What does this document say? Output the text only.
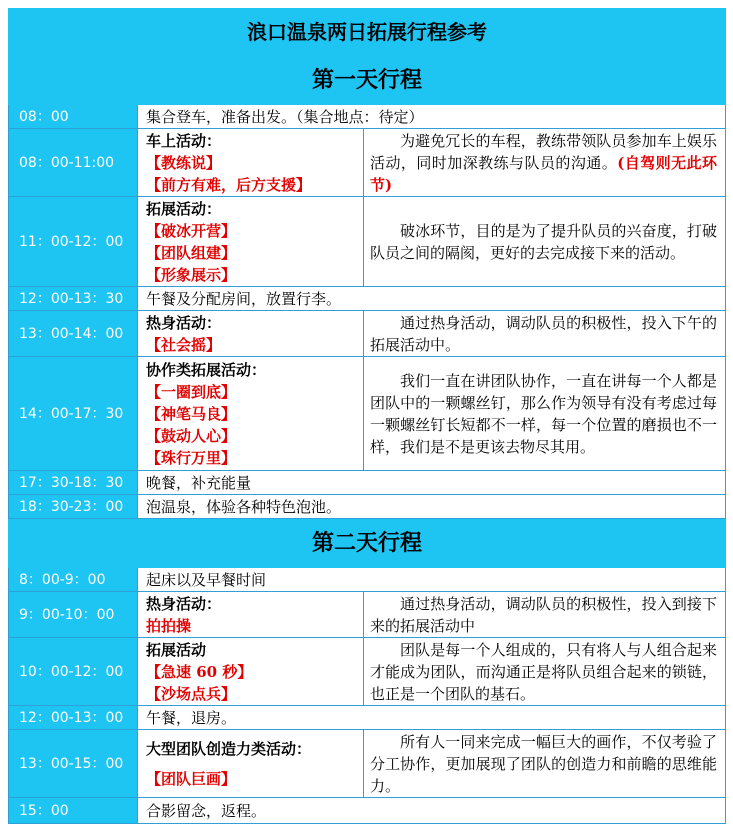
浪口温泉两日拓展行程参考		
第一天行程		
08：00	集合登车，准备出发。（集合地点：待定）	
08：00-11:00	车上活动：
【教练说】
【前方有难，后方支援】	为避免冗长的车程，教练带领队员参加车上娱乐活动，同时加深教练与队员的沟通。(自驾则无此环节)
11：00-12：00	拓展活动：
【破冰开营】
【团队组建】
【形象展示】	破冰环节，目的是为了提升队员的兴奋度，打破队员之间的隔阂，更好的去完成接下来的活动。
12：00-13：30	午餐及分配房间，放置行李。	
13：00-14：00	热身活动：
【社会摇】	通过热身活动，调动队员的积极性，投入下午的拓展活动中。
14：00-17：30	协作类拓展活动：
【一圈到底】
【神笔马良】
【鼓动人心】
【珠行万里】	我们一直在讲团队协作，一直在讲每一个人都是团队中的一颗螺丝钉，那么作为领导有没有考虑过每一颗螺丝钉长短都不一样，每一个位置的磨损也不一样，我们是不是更该去物尽其用。
17：30-18：30	晚餐，补充能量	
18：30-23：00	泡温泉，体验各种特色泡池。	
第二天行程		
8：00-9：00	起床以及早餐时间	
9：00-10：00	热身活动：
拍拍操	通过热身活动，调动队员的积极性，投入到接下来的拓展活动中
10：00-12：00	拓展活动
【急速 60 秒】
【沙场点兵】	团队是每一个人组成的，只有将人与人组合起来才能成为团队，而沟通正是将队员组合起来的锁链，也正是一个团队的基石。
12：00-13：00	午餐，退房。	
13：00-15：00	大型团队创造力类活动：
【团队巨画】	所有人一同来完成一幅巨大的画作，不仅考验了分工协作，更加展现了团队的创造力和前瞻的思维能力。
15：00	合影留念，返程。	
